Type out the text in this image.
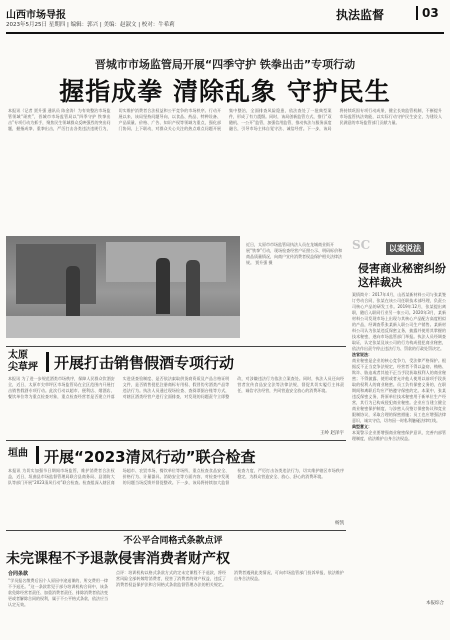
山西市场导报
2023年5月25日 星期四 | 编辑：郭兴 | 美编：赵淑文 | 校对：牛希莉
执法监督	03
晋城市市场监管局开展“四季守护 铁拳出击”专项行动
握指成拳 清除乱象 守护民生
本报讯（记者 贾升强 通讯员 陈金涛）为有效整治市场监管领域“顽疾”，晋城市市场监管局以“四季守护 铁拳出击”专项行动为抓手，聚焦民生领域群众反映强烈的突出问题，握指成拳、重拳出击，严厉打击各类违法违规行为，切实维护消费者合法权益和公平竞争的市场秩序。行动开展以来，该局坚持问题导向，以食品、药品、特种设备、产品质量、价格、广告、知识产权等领域为重点，强化部门协同、上下联动，对群众关心关注的热点难点问题开展集中整治，全面排查风险隐患，依法查处了一批典型案件，形成了有力震慑。同时，该局创新监管方式，推行“双随机、一公开”监管，加强信用监管，推动执法与服务深度融合，引导市场主体自觉守法、诚信经营。下一步，该局将持续巩固专项行动成果，健全长效监管机制，不断提升市场监管执法效能，以实际行动守护民生安全，为建设人民满意的市场监管部门贡献力量。
近日，太原市市场监管局执法人员在龙城商业街开展“铁拳”行动，现场检查经营户证照公示、明码标价和商品质量情况，向商户宣传消费者权益保护相关法律法规。 贾升强 摄
SC	以案说法
侵害商业秘密纠纷这样裁决
案情简介：2017年4月，山西某新材料公司与张某签订劳动合同，张某在该公司任职技术部经理，负责公司核心产品的研发工作。2019年12月，张某提出离职，随后入职同行业另一家公司。2020年3月，某新材料公司发现市场上出现与其核心产品配方高度相似的产品，经调查系张某新入职公司生产销售。某新材料公司认为张某违反保密义务，披露并使用其掌握的技术秘密，遂向市场监管部门举报。执法人员经调查取证，认定张某及该公司的行为构成侵犯商业秘密，依法作出责令停止违法行为、罚款的行政处罚决定。
法官说法：
商业秘密是企业的核心竞争力，受法律严格保护。根据反不正当竞争法规定，经营者不得以盗窃、贿赂、欺诈、胁迫或者其他不正当手段获取权利人的商业秘密；不得披露、使用或者允许他人使用以前项手段获取的权利人的商业秘密。员工负有保密义务的，在职期间和离职后均应严格遵守保密约定。本案中，张某违反保密义务，将原单位技术秘密用于新单位生产经营，其行为已构成侵犯商业秘密。企业应当建立健全商业秘密保护制度，与涉密人员签订保密协议和竞业限制协议，采取合理的保密措施；员工也应增强法律意识，诚实守信，切勿因一时私利触碰法律红线。
典型意义：
本案警示企业要增强商业秘密保护意识，完善内部管理制度，依法维护自身合法权益。
本报综合
太原
尖草坪	开展打击销售假酒专项行动
本报讯 为了进一步规范酒类市场秩序，保障人民群众饮酒安全，近日，太原市尖草坪区市场监管局在全区范围内开展打击销售假酒专项行动。此次行动以超市、便利店、烟酒店、餐饮单位等为重点检查对象，重点检查经营者是否建立并落实进货查验制度、是否依法索取供货商资质及产品合格证明文件，是否销售侵犯注册商标专用权、假冒伪劣酒类产品等违法行为。执法人员通过现场检查、查阅票据台账等方式，对辖区酒类经营户进行全面排查，对发现的问题责令立即整改，对涉嫌违法行为依法立案查处。同时，执法人员还向经营者宣传食品安全法等法律法规，督促其切实履行主体责任，诚信守法经营，共同营造安全放心的消费环境。
王岭 赵泽宇
垣曲	开展“2023清风行动”联合检查
本报讯 为切实加强节日期间市场监管，维护消费者合法权益，近日，垣曲县市场监督管理局联合县商务局、县消防大队等部门开展“2023清风行动”联合检查。检查组深入辖区商场超市、农贸市场、餐饮单位等场所，重点检查食品安全、价格行为、计量器具、消防安全等方面内容，对检查中发现的问题当场反馈并督促整改。下一步，该局将持续加大监督检查力度，严厉打击各类违法行为，切实维护辖区市场秩序稳定，为群众营造安全、放心、舒心的消费环境。
杨凯
不公平合同格式条款点评
未完课程不予退款侵害消费者财产权
合同条款
“学员报名缴费后因个人原因中途退课的，所交费用一律不予退还。”这一条款常见于部分培训机构合同中，该条款免除经营者责任、加重消费者责任、排除消费者依法变更或者解除合同的权利，属于不公平格式条款，依法应当认定无效。
点评：培训机构以格式条款方式约定未完课程不予退款，将经营风险全部转嫁给消费者，侵害了消费者的财产权益，违反了消费者权益保护法和合同格式条款监督管理办法的相关规定。消费者遇到此类情况，可向市场监管部门投诉举报，依法维护自身合法权益。
